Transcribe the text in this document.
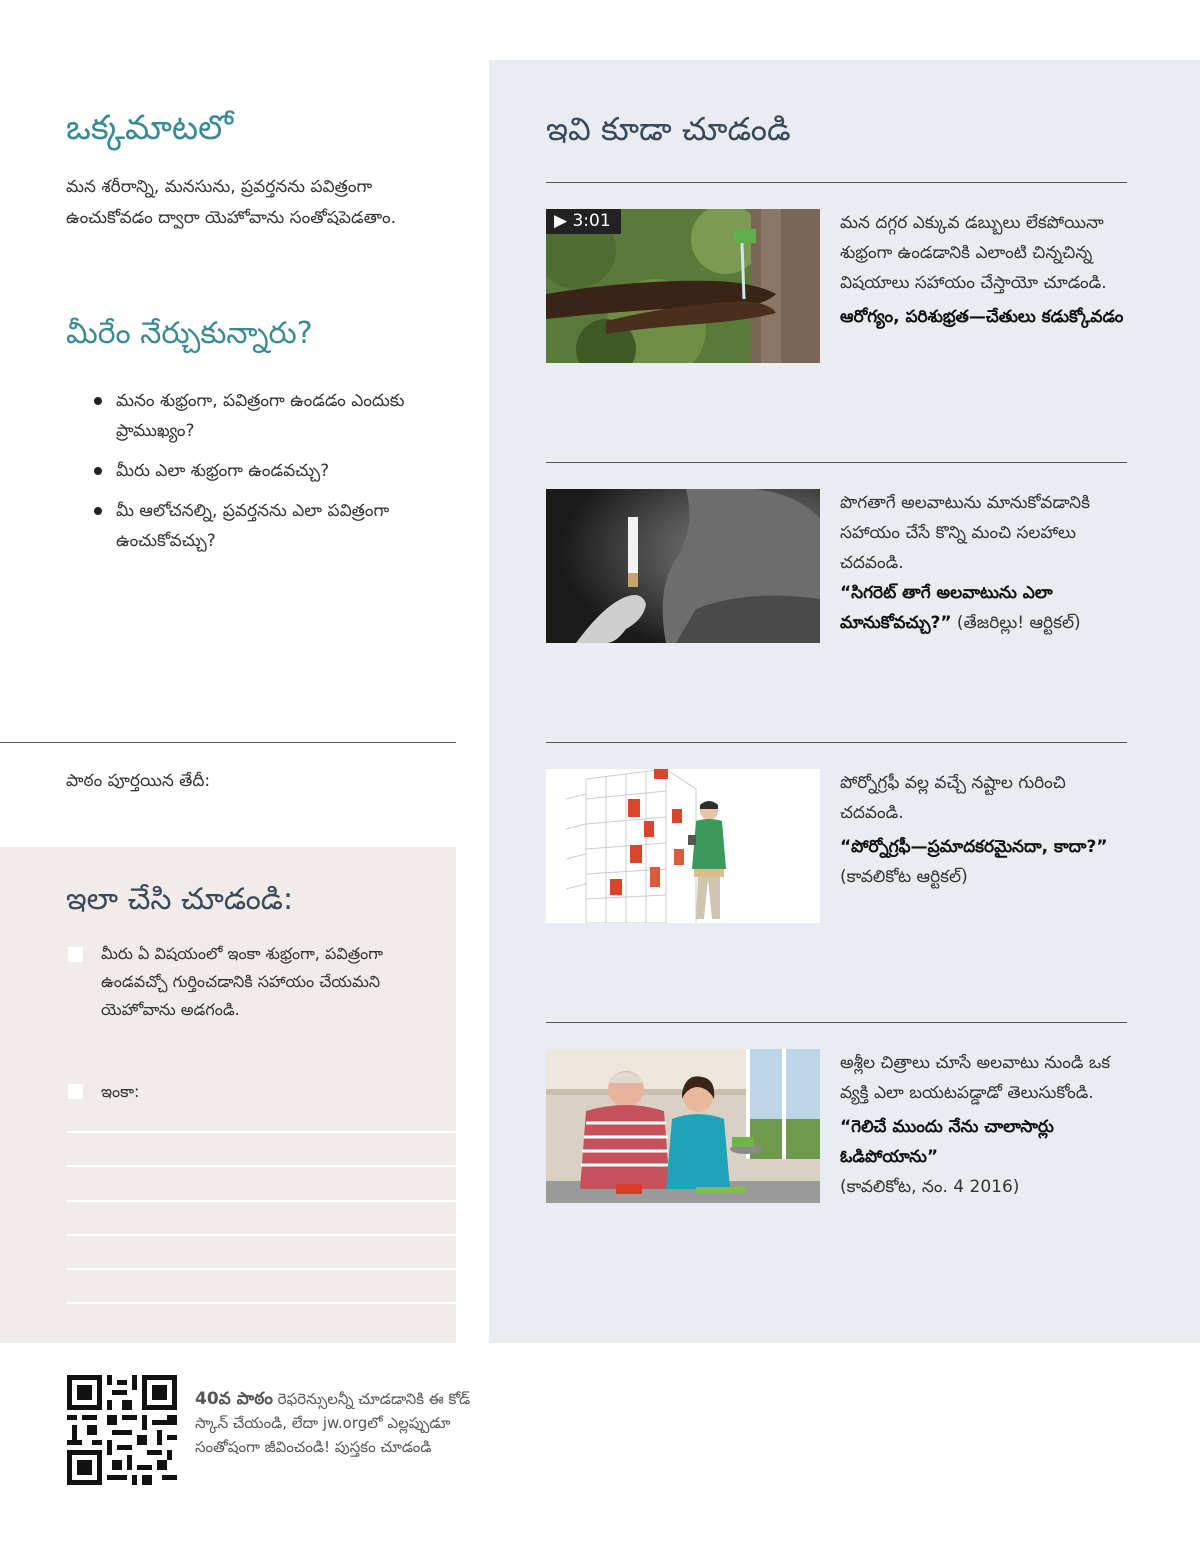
ఒక్కమాటలో

మన శరీరాన్ని, మనసును, ప్రవర్తనను పవిత్రంగా ఉంచుకోవడం ద్వారా యెహోవాను సంతోషపెడతాం.

మీరేం నేర్చుకున్నారు?
మనం శుభ్రంగా, పవిత్రంగా ఉండడం ఎందుకు ప్రాముఖ్యం?
మీరు ఎలా శుభ్రంగా ఉండవచ్చు?
మీ ఆలోచనల్ని, ప్రవర్తనను ఎలా పవిత్రంగా ఉంచుకోవచ్చు?

పాఠం పూర్తయిన తేదీ:

ఇలా చేసి చూడండి:

మీరు ఏ విషయంలో ఇంకా శుభ్రంగా, పవిత్రంగా ఉండవచ్చో గుర్తించడానికి సహాయం చేయమని యెహోవాను అడగండి.

ఇంకా:

ఇవి కూడా చూడండి
▶ 3:01	మన దగ్గర ఎక్కువ డబ్బులు లేకపోయినా శుభ్రంగా ఉండడానికి ఎలాంటి చిన్నచిన్న విషయాలు సహాయం చేస్తాయో చూడండి.
ఆరోగ్యం, పరిశుభ్రత—చేతులు కడుక్కోవడం
పొగతాగే అలవాటును మానుకోవడానికి సహాయం చేసే కొన్ని మంచి సలహాలు చదవండి.
“సిగరెట్‌ తాగే అలవాటును ఎలా మానుకోవచ్చు?” (తేజరిల్లు! ఆర్టికల్‌)
పోర్నోగ్రఫీ వల్ల వచ్చే నష్టాల గురించి చదవండి.
“పోర్నోగ్రఫీ—ప్రమాదకరమైనదా, కాదా?”
(కావలికోట ఆర్టికల్‌)
అశ్లీల చిత్రాలు చూసే అలవాటు నుండి ఒక వ్యక్తి ఎలా బయటపడ్డాడో తెలుసుకోండి.
“గెలిచే ముందు నేను చాలాసార్లు ఓడిపోయాను”
(కావలికోట, నం. 4 2016)
40వ పాఠం రెఫరెన్సులన్నీ చూడడానికి ఈ కోడ్‌ స్కాన్‌ చేయండి, లేదా jw.orgలో ఎల్లప్పుడూ సంతోషంగా జీవించండి! పుస్తకం చూడండి
